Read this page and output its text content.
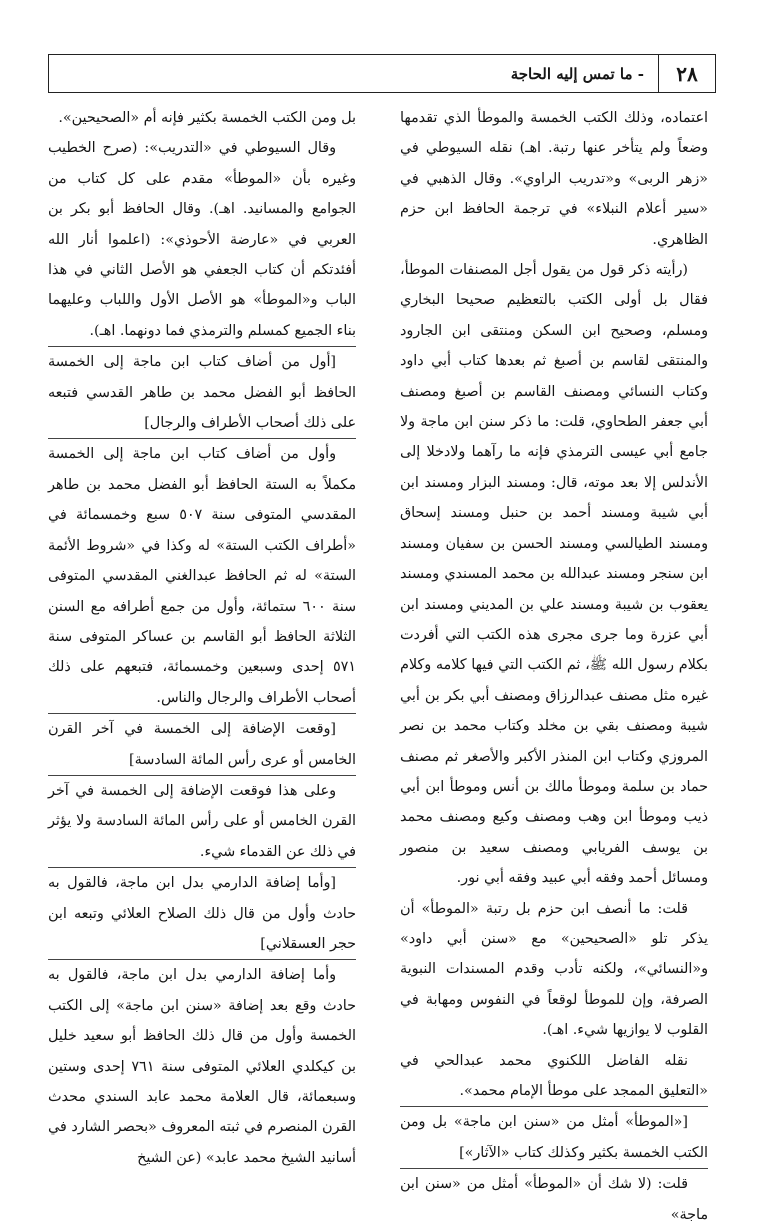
٢٨
- ما تمس إليه الحاجة

اعتماده، وذلك الكتب الخمسة والموطأ الذي تقدمها وضعاً ولم يتأخر عنها رتبة. اهـ) نقله السيوطي في «زهر الربى» و«تدريب الراوي». وقال الذهبي في «سير أعلام النبلاء» في ترجمة الحافظ ابن حزم الظاهري.

(رأيته ذكر قول من يقول أجل المصنفات الموطأ، فقال بل أولى الكتب بالتعظيم صحيحا البخاري ومسلم، وصحيح ابن السكن ومنتقى ابن الجارود والمنتقى لقاسم بن أصبغ ثم بعدها كتاب أبي داود وكتاب النسائي ومصنف القاسم بن أصبغ ومصنف أبي جعفر الطحاوي، قلت: ما ذكر سنن ابن ماجة ولا جامع أبي عيسى الترمذي فإنه ما رآهما ولادخلا إلى الأندلس إلا بعد موته، قال: ومسند البزار ومسند ابن أبي شيبة ومسند أحمد بن حنبل ومسند إسحاق ومسند الطيالسي ومسند الحسن بن سفيان ومسند ابن سنجر ومسند عبدالله بن محمد المسندي ومسند يعقوب بن شيبة ومسند علي بن المديني ومسند ابن أبي عزرة وما جرى مجرى هذه الكتب التي أفردت بكلام رسول الله ﷺ، ثم الكتب التي فيها كلامه وكلام غيره مثل مصنف عبدالرزاق ومصنف أبي بكر بن أبي شيبة ومصنف بقي بن مخلد وكتاب محمد بن نصر المروزي وكتاب ابن المنذر الأكبر والأصغر ثم مصنف حماد بن سلمة وموطأ مالك بن أنس وموطأ ابن أبي ذيب وموطأ ابن وهب ومصنف وكيع ومصنف محمد بن يوسف الفريابي ومصنف سعيد بن منصور ومسائل أحمد وفقه أبي عبيد وفقه أبي نور.

قلت: ما أنصف ابن حزم بل رتبة «الموطأ» أن يذكر تلو «الصحيحين» مع «سنن أبي داود» و«النسائي»، ولكنه تأدب وقدم المسندات النبوية الصرفة، وإن للموطأ لوقعاً في النفوس ومهابة في القلوب لا يوازيها شيء. اهـ).

نقله الفاضل اللكنوي محمد عبدالحي في «التعليق الممجد على موطأ الإمام محمد».

[«الموطأ» أمثل من «سنن ابن ماجة» بل ومن الكتب الخمسة بكثير وكذلك كتاب «الآثار»]

قلت: (لا شك أن «الموطأ» أمثل من «سنن ابن ماجة»

بل ومن الكتب الخمسة بكثير فإنه أم «الصحيحين».

وقال السيوطي في «التدريب»: (صرح الخطيب وغيره بأن «الموطأ» مقدم على كل كتاب من الجوامع والمسانيد. اهـ). وقال الحافظ أبو بكر بن العربي في «عارضة الأحوذي»: (اعلموا أنار الله أفئدتكم أن كتاب الجعفي هو الأصل الثاني في هذا الباب و«الموطأ» هو الأصل الأول واللباب وعليهما بناء الجميع كمسلم والترمذي فما دونهما. اهـ).

[أول من أضاف كتاب ابن ماجة إلى الخمسة الحافظ أبو الفضل محمد بن طاهر القدسي فتبعه على ذلك أصحاب الأطراف والرجال]

وأول من أضاف كتاب ابن ماجة إلى الخمسة مكملاً به الستة الحافظ أبو الفضل محمد بن طاهر المقدسي المتوفى سنة ٥٠٧ سبع وخمسمائة في «أطراف الكتب الستة» له وكذا في «شروط الأئمة الستة» له ثم الحافظ عبدالغني المقدسي المتوفى سنة ٦٠٠ ستمائة، وأول من جمع أطرافه مع السنن الثلاثة الحافظ أبو القاسم بن عساكر المتوفى سنة ٥٧١ إحدى وسبعين وخمسمائة، فتبعهم على ذلك أصحاب الأطراف والرجال والناس.

[وقعت الإضافة إلى الخمسة في آخر القرن الخامس أو عرى رأس المائة السادسة]

وعلى هذا فوقعت الإضافة إلى الخمسة في آخر القرن الخامس أو على رأس المائة السادسة ولا يؤثر في ذلك عن القدماء شيء.

[وأما إضافة الدارمي بدل ابن ماجة، فالقول به حادث وأول من قال ذلك الصلاح العلائي وتبعه ابن حجر العسقلاني]

وأما إضافة الدارمي بدل ابن ماجة، فالقول به حادث وقع بعد إضافة «سنن ابن ماجة» إلى الكتب الخمسة وأول من قال ذلك الحافظ أبو سعيد خليل بن كيكلدي العلائي المتوفى سنة ٧٦١ إحدى وستين وسبعمائة، قال العلامة محمد عابد السندي محدث القرن المنصرم في ثبته المعروف «بحصر الشارد في أسانيد الشيخ محمد عابد» (عن الشيخ
